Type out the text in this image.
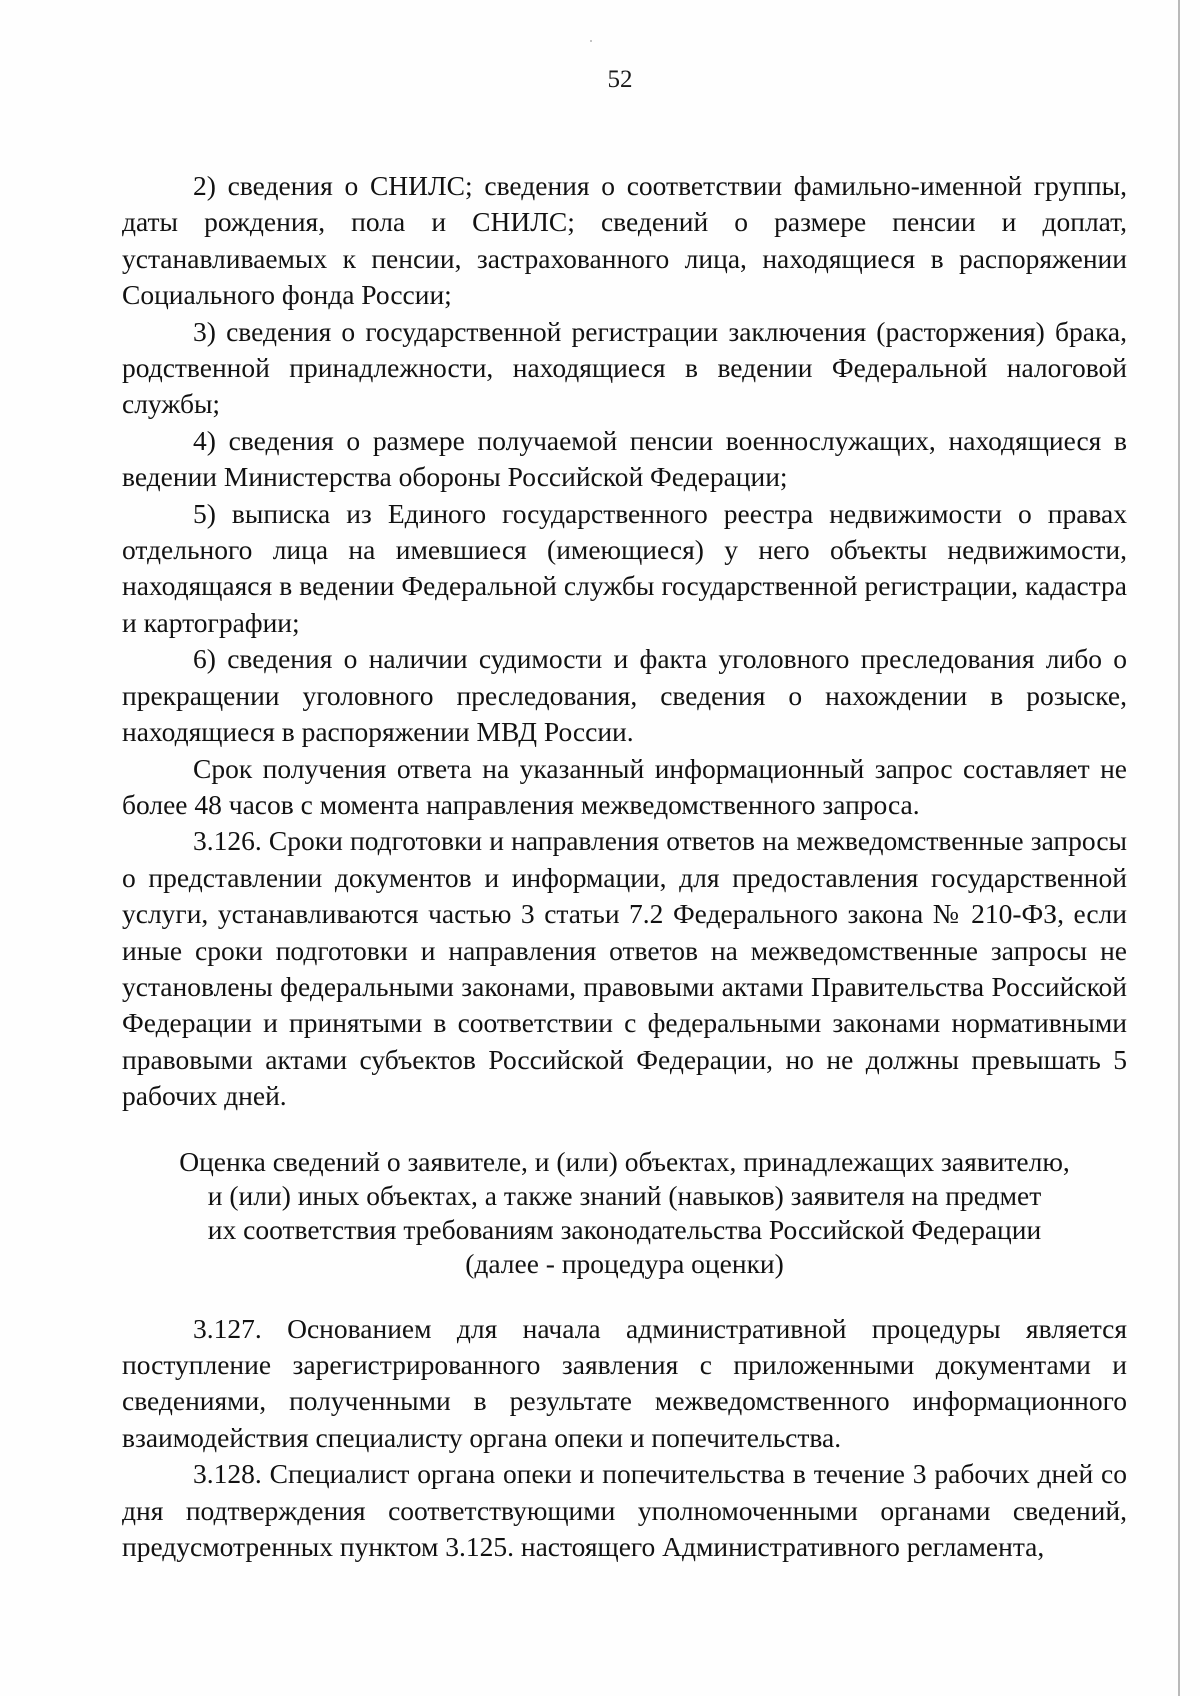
52

2) сведения о СНИЛС; сведения о соответствии фамильно-именной группы, даты рождения, пола и СНИЛС; сведений о размере пенсии и доплат, устанавливаемых к пенсии, застрахованного лица, находящиеся в распоряжении Социального фонда России;

3) сведения о государственной регистрации заключения (расторжения) брака, родственной принадлежности, находящиеся в ведении Федеральной налоговой службы;

4) сведения о размере получаемой пенсии военнослужащих, находящиеся в ведении Министерства обороны Российской Федерации;

5) выписка из Единого государственного реестра недвижимости о правах отдельного лица на имевшиеся (имеющиеся) у него объекты недвижимости, находящаяся в ведении Федеральной службы государственной регистрации, кадастра и картографии;

6) сведения о наличии судимости и факта уголовного преследования либо о прекращении уголовного преследования, сведения о нахождении в розыске, находящиеся в распоряжении МВД России.

Срок получения ответа на указанный информационный запрос составляет не более 48 часов с момента направления межведомственного запроса.

3.126. Сроки подготовки и направления ответов на межведомственные запросы о представлении документов и информации, для предоставления государственной услуги, устанавливаются частью 3 статьи 7.2 Федерального закона № 210-ФЗ, если иные сроки подготовки и направления ответов на межведомственные запросы не установлены федеральными законами, правовыми актами Правительства Российской Федерации и принятыми в соответствии с федеральными законами нормативными правовыми актами субъектов Российской Федерации, но не должны превышать 5 рабочих дней.

Оценка сведений о заявителе, и (или) объектах, принадлежащих заявителю,
и (или) иных объектах, а также знаний (навыков) заявителя на предмет
их соответствия требованиям законодательства Российской Федерации
(далее - процедура оценки)

3.127. Основанием для начала административной процедуры является поступление зарегистрированного заявления с приложенными документами и сведениями, полученными в результате межведомственного информационного взаимодействия специалисту органа опеки и попечительства.

3.128. Специалист органа опеки и попечительства в течение 3 рабочих дней со дня подтверждения соответствующими уполномоченными органами сведений, предусмотренных пунктом 3.125. настоящего Административного регламента,
